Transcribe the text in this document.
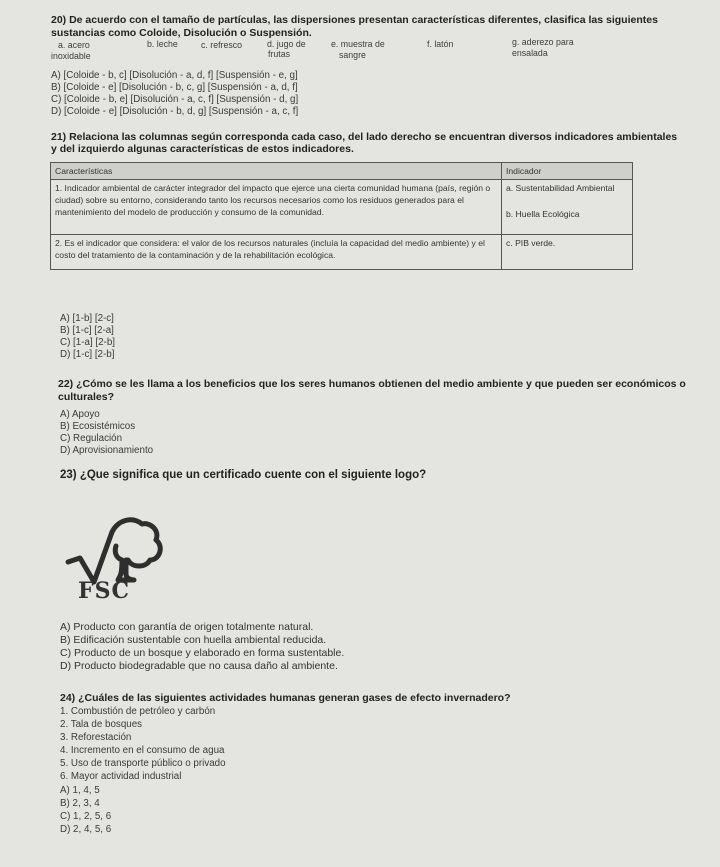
20) De acuerdo con el tamaño de partículas, las dispersiones presentan características diferentes, clasifica las siguientes
sustancias como Coloide, Disolución o Suspensión.
a. acero
inoxidable
b. leche	c. refresco	d. jugo de
frutas
e. muestra de
sangre
f. latón	g. aderezo para
ensalada
A) [Coloide - b, c] [Disolución - a, d, f] [Suspensión - e, g]
B) [Coloide - e] [Disolución - b, c, g] [Suspensión - a, d, f]
C) [Coloide - b, e] [Disolución - a, c, f] [Suspensión - d, g]
D) [Coloide - e] [Disolución - b, d, g] [Suspensión - a, c, f]
21) Relaciona las columnas según corresponda cada caso, del lado derecho se encuentran diversos indicadores ambientales
y del izquierdo algunas características de estos indicadores.
Características	Indicador
1. Indicador ambiental de carácter integrador del impacto que ejerce una cierta comunidad humana (país, región o ciudad) sobre su entorno, considerando tanto los recursos necesarios como los residuos generados para el mantenimiento del modelo de producción y consumo de la comunidad.	a. Sustentabilidad Ambiental
b. Huella Ecológica

2. Es el indicador que considera: el valor de los recursos naturales (incluía la capacidad del medio ambiente) y el costo del tratamiento de la contaminación y de la rehabilitación ecológica.	c. PIB verde.
A) [1-b] [2-c]
B) [1-c] [2-a]
C) [1-a] [2-b]
D) [1-c] [2-b]
22) ¿Cómo se les llama a los beneficios que los seres humanos obtienen del medio ambiente y que pueden ser económicos o
culturales?
A) Apoyo
B) Ecosistémicos
C) Regulación
D) Aprovisionamiento
23) ¿Que significa que un certificado cuente con el siguiente logo?
FSC
A) Producto con garantía de origen totalmente natural.
B) Edificación sustentable con huella ambiental reducida.
C) Producto de un bosque y elaborado en forma sustentable.
D) Producto biodegradable que no causa daño al ambiente.
24) ¿Cuáles de las siguientes actividades humanas generan gases de efecto invernadero?
1. Combustión de petróleo y carbón
2. Tala de bosques
3. Reforestación
4. Incremento en el consumo de agua
5. Uso de transporte público o privado
6. Mayor actividad industrial
A) 1, 4, 5
B) 2, 3, 4
C) 1, 2, 5, 6
D) 2, 4, 5, 6
